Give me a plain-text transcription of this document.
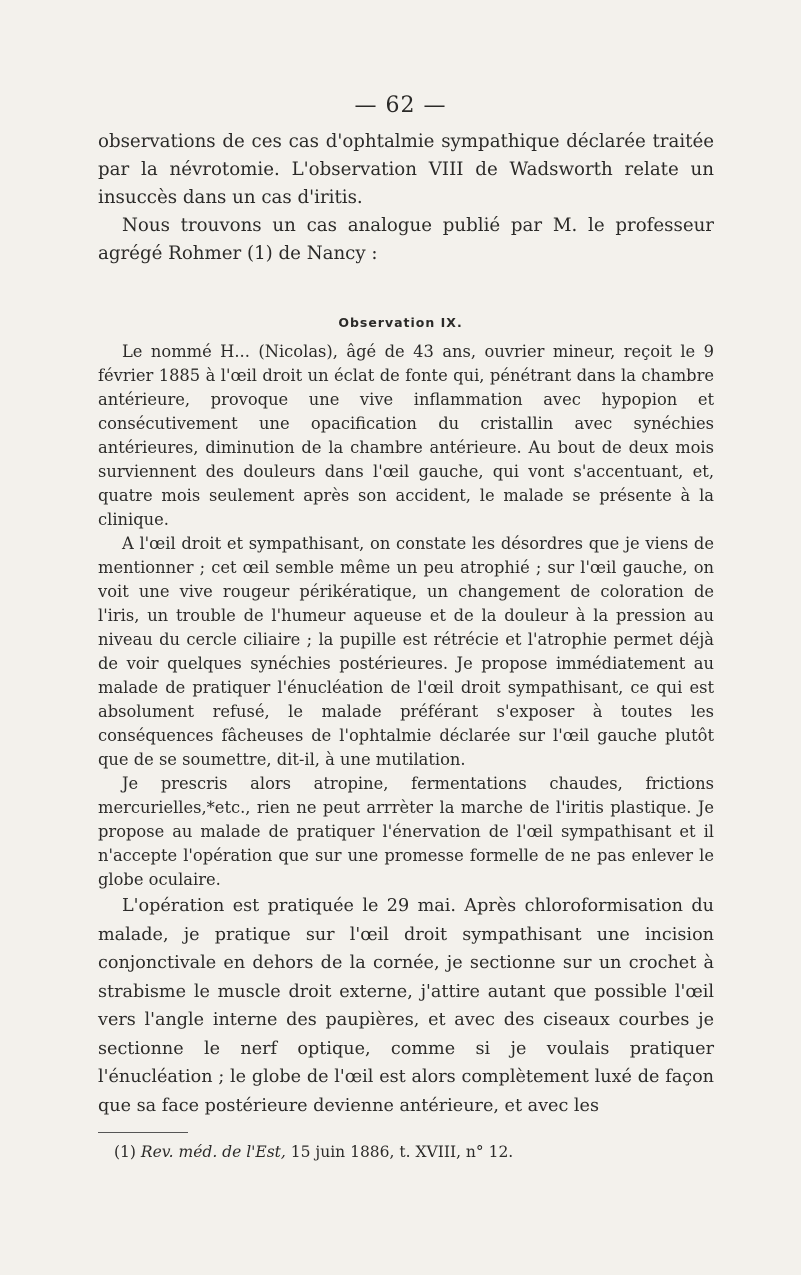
— 62 —

observations de ces cas d'ophtalmie sympathique déclarée traitée par la névrotomie. L'observation VIII de Wadsworth relate un insuccès dans un cas d'iritis.

Nous trouvons un cas analogue publié par M. le professeur agrégé Rohmer (1) de Nancy :

Observation IX.

Le nommé H... (Nicolas), âgé de 43 ans, ouvrier mineur, reçoit le 9 février 1885 à l'œil droit un éclat de fonte qui, pénétrant dans la chambre antérieure, provoque une vive inflammation avec hypopion et consécutivement une opacification du cristallin avec synéchies antérieures, diminution de la chambre antérieure. Au bout de deux mois surviennent des douleurs dans l'œil gauche, qui vont s'accentuant, et, quatre mois seulement après son accident, le malade se présente à la clinique.

A l'œil droit et sympathisant, on constate les désordres que je viens de mentionner ; cet œil semble même un peu atrophié ; sur l'œil gauche, on voit une vive rougeur périkératique, un changement de coloration de l'iris, un trouble de l'humeur aqueuse et de la douleur à la pression au niveau du cercle ciliaire ; la pupille est rétrécie et l'atrophie permet déjà de voir quelques synéchies postérieures. Je propose immédiatement au malade de pratiquer l'énucléation de l'œil droit sympathisant, ce qui est absolument refusé, le malade préférant s'exposer à toutes les conséquences fâcheuses de l'ophtalmie déclarée sur l'œil gauche plutôt que de se soumettre, dit-il, à une mutilation.

Je prescris alors atropine, fermentations chaudes, frictions mercurielles,*etc., rien ne peut arrrèter la marche de l'iritis plastique. Je propose au malade de pratiquer l'énervation de l'œil sympathisant et il n'accepte l'opération que sur une promesse formelle de ne pas enlever le globe oculaire.

L'opération est pratiquée le 29 mai. Après chloroformisation du malade, je pratique sur l'œil droit sympathisant une incision conjonctivale en dehors de la cornée, je sectionne sur un crochet à strabisme le muscle droit externe, j'attire autant que possible l'œil vers l'angle interne des paupières, et avec des ciseaux courbes je sectionne le nerf optique, comme si je voulais pratiquer l'énucléation ; le globe de l'œil est alors complètement luxé de façon que sa face postérieure devienne antérieure, et avec les

(1) Rev. méd. de l'Est, 15 juin 1886, t. XVIII, n° 12.
